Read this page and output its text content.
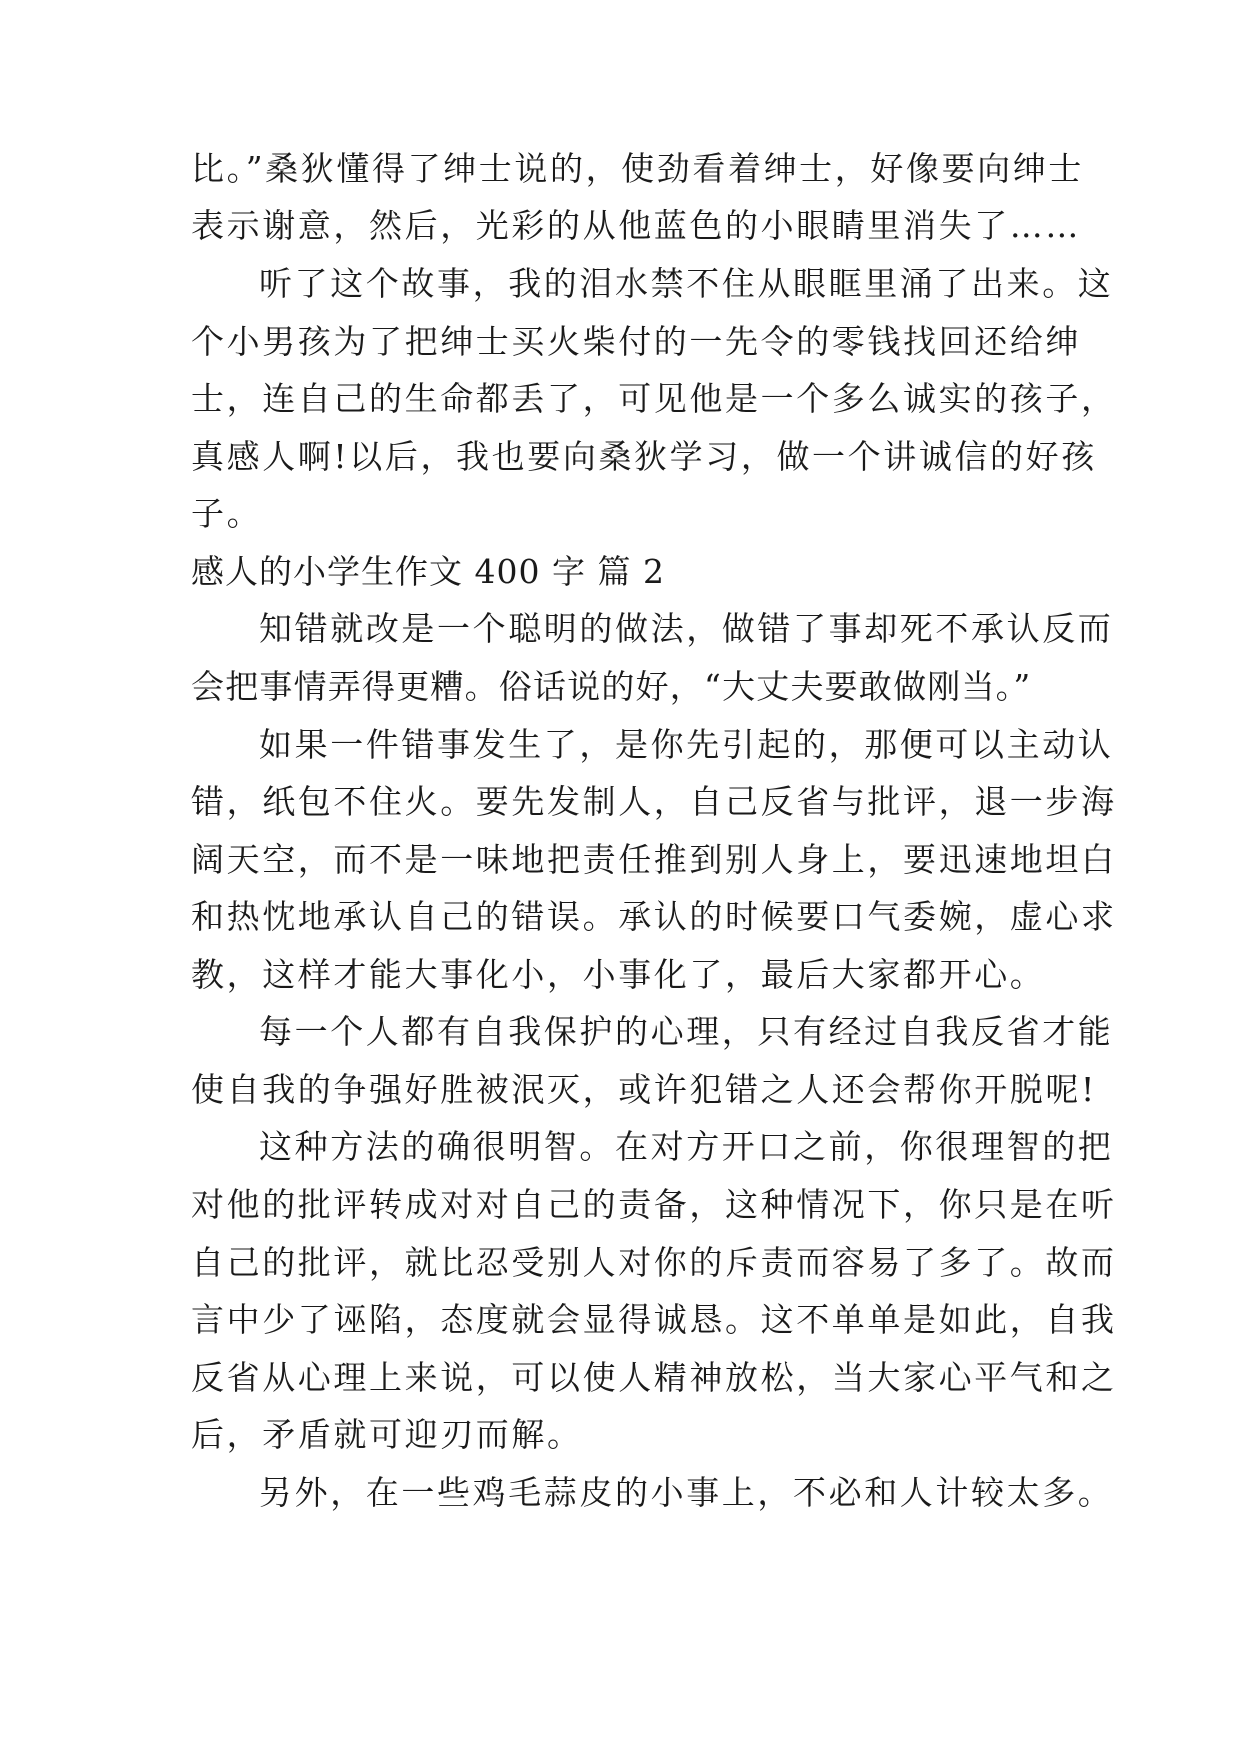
比。”桑狄懂得了绅士说的，使劲看着绅士，好像要向绅士
表示谢意，然后，光彩的从他蓝色的小眼睛里消失了……
听了这个故事，我的泪水禁不住从眼眶里涌了出来。这
个小男孩为了把绅士买火柴付的一先令的零钱找回还给绅
士，连自己的生命都丢了，可见他是一个多么诚实的孩子，
真感人啊!以后，我也要向桑狄学习，做一个讲诚信的好孩
子。
感人的小学生作文 400 字 篇 2
知错就改是一个聪明的做法，做错了事却死不承认反而
会把事情弄得更糟。俗话说的好，“大丈夫要敢做刚当。”
如果一件错事发生了，是你先引起的，那便可以主动认
错，纸包不住火。要先发制人，自己反省与批评，退一步海
阔天空，而不是一味地把责任推到别人身上，要迅速地坦白
和热忱地承认自己的错误。承认的时候要口气委婉，虚心求
教，这样才能大事化小，小事化了，最后大家都开心。
每一个人都有自我保护的心理，只有经过自我反省才能
使自我的争强好胜被泯灭，或许犯错之人还会帮你开脱呢!
这种方法的确很明智。在对方开口之前，你很理智的把
对他的批评转成对对自己的责备，这种情况下，你只是在听
自己的批评，就比忍受别人对你的斥责而容易了多了。故而
言中少了诬陷，态度就会显得诚恳。这不单单是如此，自我
反省从心理上来说，可以使人精神放松，当大家心平气和之
后，矛盾就可迎刃而解。
另外，在一些鸡毛蒜皮的小事上，不必和人计较太多。
